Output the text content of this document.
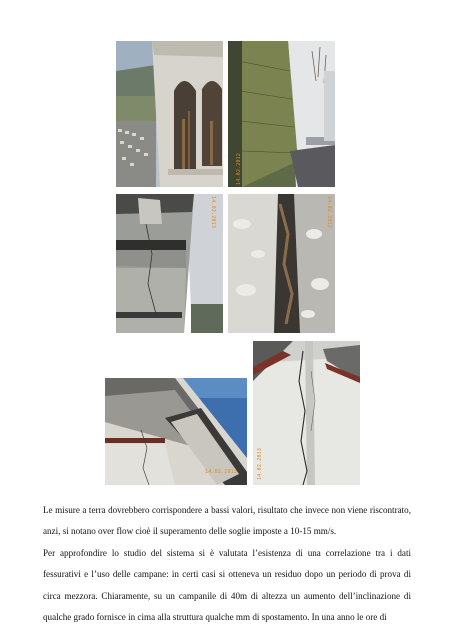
14.02.2012
14.02.2013	14.02.2012
14.02.2013	14.02.2013

Le misure a terra dovrebbero corrispondere a bassi valori, risultato che invece non viene riscontrato, anzi, si notano over flow cioè il superamento delle soglie imposte a 10-15 mm/s.

Per approfondire lo studio del sistema si è valutata l’esistenza di una correlazione tra i dati fessurativi e l’uso delle campane: in certi casi si otteneva un residuo dopo un periodo di prova di circa mezzora. Chiaramente, su un campanile di 40m di altezza un aumento dell’inclinazione di qualche grado fornisce in cima alla struttura qualche mm di spostamento. In una anno le ore di
